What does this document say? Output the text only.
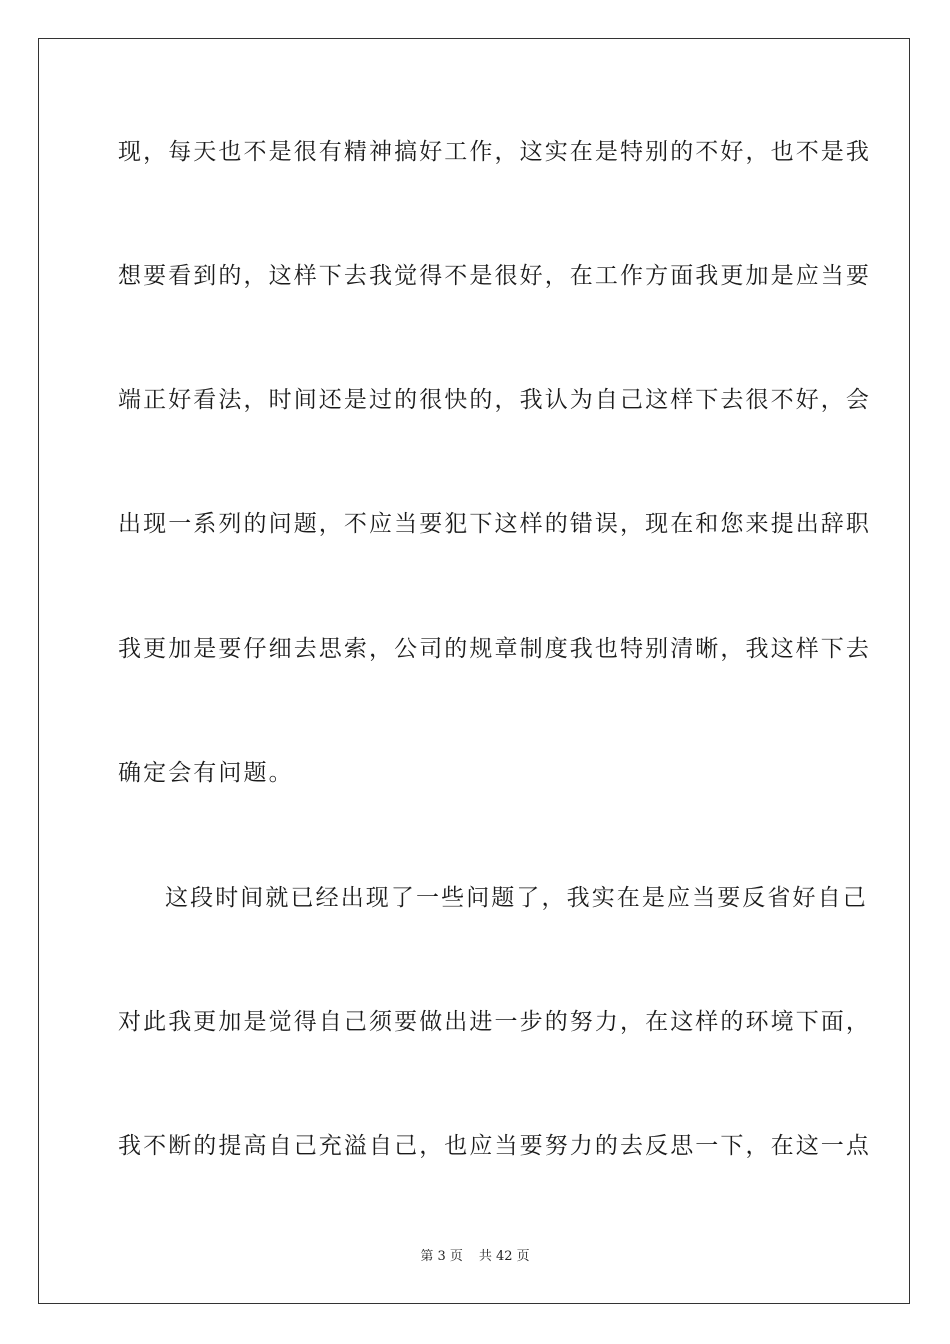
现，每天也不是很有精神搞好工作，这实在是特别的不好，也不是我
想要看到的，这样下去我觉得不是很好，在工作方面我更加是应当要
端正好看法，时间还是过的很快的，我认为自己这样下去很不好，会
出现一系列的问题，不应当要犯下这样的错误，现在和您来提出辞职
我更加是要仔细去思索，公司的规章制度我也特别清晰，我这样下去
确定会有问题。
这段时间就已经出现了一些问题了，我实在是应当要反省好自己
对此我更加是觉得自己须要做出进一步的努力，在这样的环境下面，
我不断的提高自己充溢自己，也应当要努力的去反思一下，在这一点
第 3 页 共 42 页
